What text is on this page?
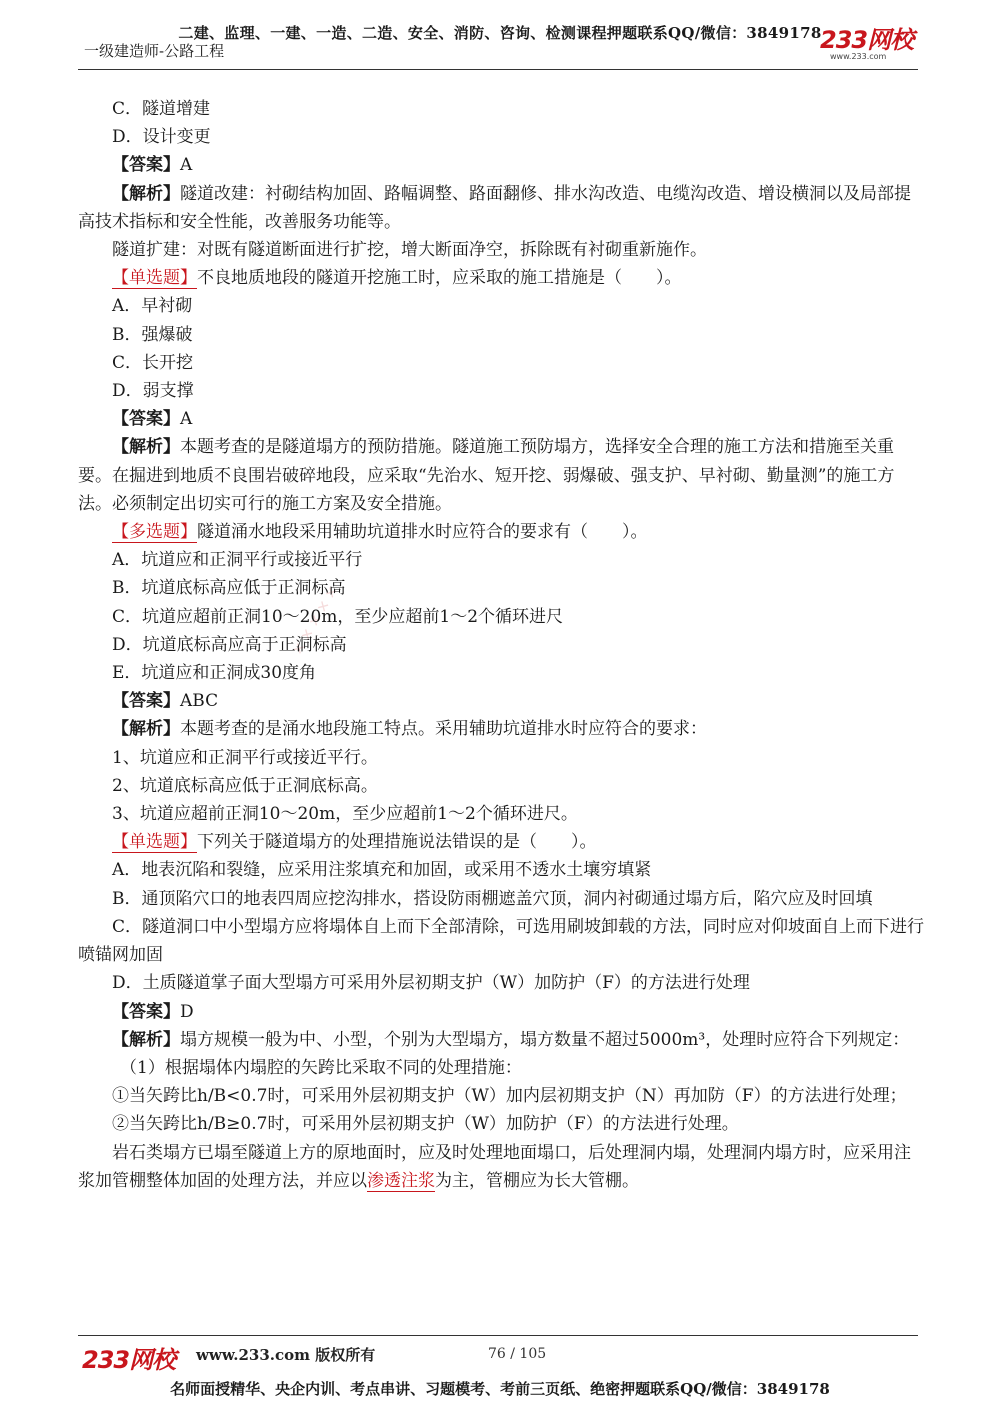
二建、监理、一建、一造、二造、安全、消防、咨询、检测课程押题联系QQ/微信：3849178
一级建造师-公路工程	233网校
www.233.com
✕ ✕ ✕ ✕ ✕

C．隧道增建

D．设计变更

【答案】A

【解析】隧道改建：衬砌结构加固、路幅调整、路面翻修、排水沟改造、电缆沟改造、增设横洞以及局部提高技术指标和安全性能，改善服务功能等。

隧道扩建：对既有隧道断面进行扩挖，增大断面净空，拆除既有衬砌重新施作。

【单选题】不良地质地段的隧道开挖施工时，应采取的施工措施是（　　）。

A．早衬砌

B．强爆破

C．长开挖

D．弱支撑

【答案】A

【解析】本题考查的是隧道塌方的预防措施。隧道施工预防塌方，选择安全合理的施工方法和措施至关重要。在掘进到地质不良围岩破碎地段，应采取“先治水、短开挖、弱爆破、强支护、早衬砌、勤量测”的施工方法。必须制定出切实可行的施工方案及安全措施。

【多选题】隧道涌水地段采用辅助坑道排水时应符合的要求有（　　）。

A．坑道应和正洞平行或接近平行

B．坑道底标高应低于正洞标高

C．坑道应超前正洞10～20m，至少应超前1～2个循环进尺

D．坑道底标高应高于正洞标高

E．坑道应和正洞成30度角

【答案】ABC

【解析】本题考查的是涌水地段施工特点。采用辅助坑道排水时应符合的要求：

1、坑道应和正洞平行或接近平行。

2、坑道底标高应低于正洞底标高。

3、坑道应超前正洞10～20m，至少应超前1～2个循环进尺。

【单选题】下列关于隧道塌方的处理措施说法错误的是（　　）。

A．地表沉陷和裂缝，应采用注浆填充和加固，或采用不透水土壤穷填紧

B．通顶陷穴口的地表四周应挖沟排水，搭设防雨棚遮盖穴顶，洞内衬砌通过塌方后，陷穴应及时回填

C．隧道洞口中小型塌方应将塌体自上而下全部清除，可选用刷坡卸载的方法，同时应对仰坡面自上而下进行喷锚网加固

D．土质隧道掌子面大型塌方可采用外层初期支护（W）加防护（F）的方法进行处理

【答案】D

【解析】塌方规模一般为中、小型，个别为大型塌方，塌方数量不超过5000m³，处理时应符合下列规定：

（1）根据塌体内塌腔的矢跨比采取不同的处理措施：

①当矢跨比h/B<0.7时，可采用外层初期支护（W）加内层初期支护（N）再加防（F）的方法进行处理；

②当矢跨比h/B≥0.7时，可采用外层初期支护（W）加防护（F）的方法进行处理。

岩石类塌方已塌至隧道上方的原地面时，应及时处理地面塌口，后处理洞内塌，处理洞内塌方时，应采用注浆加管棚整体加固的处理方法，并应以渗透注浆为主，管棚应为长大管棚。

233网校 www.233.com 版权所有	76 / 105
名师面授精华、央企内训、考点串讲、习题模考、考前三页纸、绝密押题联系QQ/微信：3849178
